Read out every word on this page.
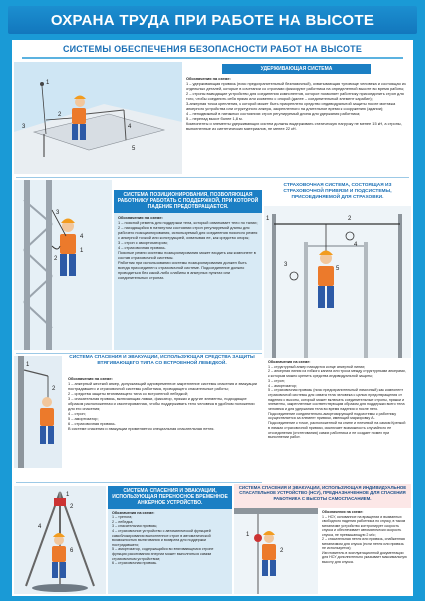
ОХРАНА ТРУДА ПРИ РАБОТЕ НА ВЫСОТЕ
СИСТЕМЫ ОБЕСПЕЧЕНИЯ БЕЗОПАСНОСТИ РАБОТ НА ВЫСОТЕ
1
2
3	4
5
УДЕРЖИВАЮЩАЯ СИСТЕМА

Обозначения на схеме:

1 – удерживающая привязь (пояс предохранительный безлямочный), охватывающая туловище человека и состоящая из отдельных деталей, которые в сочетании со стропами фиксируют работника на определенной высоте во время работы;
2 – стропы выводящие устройство для соединения компонентов, которое позволяет работнику присоединить строп для того, чтобы соединить себя прямо или косвенно с опорой (далее – соединительный элемент карабин);
3-анкерная точка крепления, к которой может быть прикреплено средство индивидуальной защиты после монтажа анкерного устройства или структурного анкера, закрепленного на длительное время к сооружению (здании);
4 – неподвижный в натяжных состояниях строп регулируемый длина для удержания работника;
5 – перепад высот более 1,8 м.
Компоненты и элементы удерживающих систем должны выдерживать статическую нагрузку не менее 15 кН, а стропы, выполненные из синтетических материалов, не менее 22 кН.
3
4
2
1
СИСТЕМА ПОЗИЦИОНИРОВАНИЯ, ПОЗВОЛЯЮЩАЯ РАБОТНИКУ РАБОТАТЬ С ПОДДЕРЖКОЙ, ПРИ КОТОРОЙ ПАДЕНИЕ ПРЕДОТВРАЩАЕТСЯ.

Обозначения на схеме:

1 – поясной ремень для поддержки тела, который охватывает тело по талии;
2 – находящийся в натянутом состоянии строп регулируемой длины для рабочего позиционирования, используемый для соединения поясного ремня с анкерной точкой или конструкцией, охватывая ее, как средство опоры;
3 – строп с амортизатором;
4 – страховочная привязь.
Поясные ремни системы позиционирования может входить как компонент в состав страховочной системы.
Работник при использовании системы позиционирования должен быть всегда присоединен к страховочной системе. Подсоединение должно проводиться без какой-либо слабины в анкерных пунктах или соединительных стропах.
СТРАХОВОЧНАЯ СИСТЕМА, СОСТОЯЩАЯ ИЗ СТРАХОВОЧНОЙ ПРИВЯЗИ И ПОДСИСТЕМЫ, ПРИСОЕДИНЯЕМОЙ ДЛЯ СТРАХОВКИ.
1	2
3
5
4
СИСТЕМА СПАСЕНИЯ И ЭВАКУАЦИИ, ИСПОЛЬЗУЮЩАЯ СРЕДСТВА ЗАЩИТЫ ВТЯГИВАЮЩЕГО ТИПА СО ВСТРОЕННОЙ ЛЕБЕДКОЙ.
1
2

Обозначения на схеме:

1 – анкерный жесткий анкер, допускающий одновременное закрепление системы спасения и эвакуации пострадавшего и страховочной системы работника, проводящего спасательные работы;
2 – средства защиты втягивающего типа со встроенной лебедкой;
3 – спасательная привязь, включающая лямки, фиксатор, пряжки и другие элементы, подходящие образом расположенная и смонтированная, чтобы поддерживать тело человека в удобном положении для его спасения;
4 – строп;
5 – амортизатор;
6 – страховочная привязь.
В системе спасения и эвакуации применяется специальная спасательная петля.

Обозначения на схеме:

1 – структурный анкер находится конце анкерной линии;
2 – анкерная линия из гибкого каната или троса между структурными анкерами, к которым можно крепить средства индивидуальной защиты;
3 – строп;
4 – амортизатор;
5 – страховочная привязь (пояс предохранительный лямочный) как компонент страховочной системы для охвата тела человека с целью предотвращения от падения с высоты, который может включать соединительные стропы, пряжки и элементы, закрепленные соответствующим образом для поддержки всего тела человека и для удержания тела во время падения и после него.
Подсоединение соединительно-амортизирующей подсистемы к работнику осуществляется за элемент привязи, имеющий маркировку А.
Подсоединение к точке, расположенной на спине и плечевой на самом Крепкой в лямках страховочной привязи, исключает возможность случайного ее отсоединения (отстегивания) самих работника и не создает помех при выполнении работ.
1
2
4
6
СИСТЕМА СПАСЕНИЯ И ЭВАКУАЦИИ, ИСПОЛЬЗУЮЩАЯ ПЕРЕНОСНОЕ ВРЕМЕННОЕ АНКЕРНОЕ УСТРОЙСТВО.

Обозначения на схеме:

1 – тренога;
2 – лебедка;
3 – спасательная привязь;
4 – страховочное устройство с автоматической функцией самоблокирования выполненное строп в автоматической возможностью вытягивания и возврата для поддержки пострадавшего;
5 – амортизатор, содержащийся во втягивающемся стропе функция рассеивания энергии может выполняться самим страховочным устройством;
6 – страховочная привязь.
1
2

Обозначения на схеме:

1 – НСУ, основанное на вращении и вызванных свободного падения работника по спуску, в таком механизме устройство контролирует скорость спуска и обеспечивает автоматически скорость спуска, не превышающую 2 м/с;
2 – спасательная петля или привязь, снабженная механизмом для спуска (если петля или привязь не используется);
Изготовитель в эксплуатационной документации для НСУ дополнительно указывает максимальную высоту для спуска.
СИСТЕМА СПАСЕНИЯ И ЭВАКУАЦИИ, ИСПОЛЬЗУЮЩАЯ ИНДИВИДУАЛЬНОЕ СПАСАТЕЛЬНОЕ УСТРОЙСТВО (НСУ), ПРЕДНАЗНАЧЕННОЕ ДЛЯ СПАСЕНИЯ РАБОТНИКА С ВЫСОТЫ САМОСПАСАНИЕМ.
